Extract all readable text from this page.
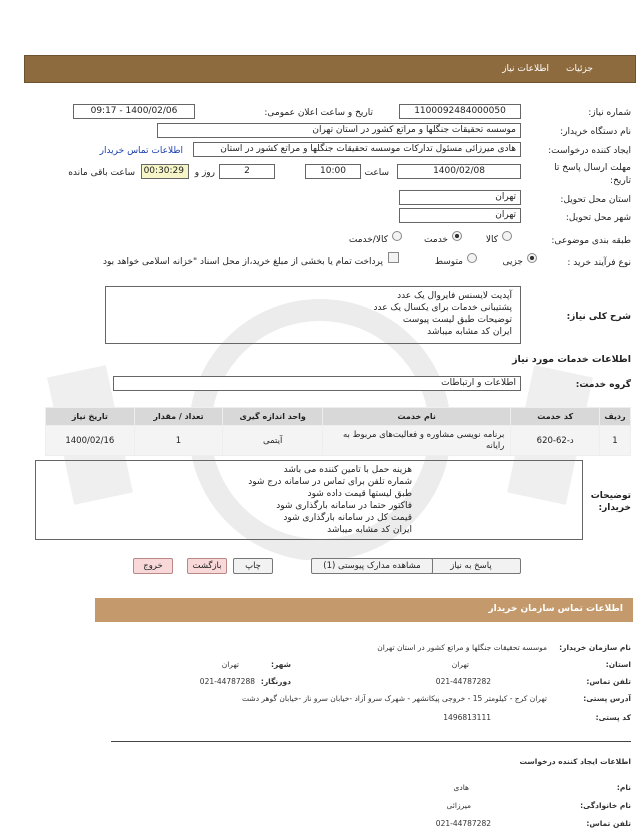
جزئیات
اطلاعات نیاز
شماره نیاز:
1100092484000050
تاریخ و ساعت اعلان عمومی:
1400/02/06 - 09:17
نام دستگاه خریدار:
موسسه تحقیقات جنگلها و مراتع کشور در استان تهران
ایجاد کننده درخواست:
هادی میرزائی مسئول تداركات موسسه تحقیقات جنگلها و مراتع كشور در استان
اطلاعات تماس خریدار
مهلت ارسال پاسخ تا تاریخ:
1400/02/08
ساعت
10:00
2
روز و
00:30:29
ساعت باقی مانده
استان محل تحویل:
تهران
شهر محل تحویل:
تهران
طبقه بندی موضوعی:
کالا
خدمت
کالا/خدمت
نوع فرآیند خرید :
جزیی
متوسط
پرداخت تمام یا بخشی از مبلغ خرید،از محل اسناد "خزانه اسلامی خواهد بود
شرح کلی نیاز:
آپدیت لایسنس فایروال یک عدد
پشتیبانی خدمات برای یکسال یک عدد
توضیحات طبق لیست پیوست
ایران کد مشابه میباشد
اطلاعات خدمات مورد نیاز
گروه خدمت:
اطلاعات و ارتباطات
ردیف	کد خدمت	نام خدمت	واحد اندازه گیری	تعداد / مقدار	تاریخ نیاز
1	د-62-620	برنامه نویسی مشاوره و فعالیت‌های مربوط به رایانه	آیتمی	1	1400/02/16
توضیحات خریدار:
هزینه حمل با تامین کننده می باشد
شماره تلفن برای تماس در سامانه درج شود
طبق لیستها قیمت داده شود
فاکتور حتما در سامانه بارگذاری شود
قیمت کل در سامانه بارگذاری شود
ایران کد مشابه میباشد
پاسخ به نیاز
مشاهده مدارک پیوستی (1)
چاپ
بازگشت
خروج
اطلاعات تماس سازمان خریدار
نام سازمان خریدار:
موسسه تحقیقات جنگلها و مراتع کشور در استان تهران
استان:
تهران
شهر:
تهران
تلفن تماس:
021-44787282
دورنگار:
021-44787288
آدرس پستی:
تهران کرج - کیلومتر 15 - خروجی پیکانشهر - شهرک سرو آزاد -خیابان سرو ناز -خیابان گوهر دشت
کد پستی:
1496813111
اطلاعات ایجاد کننده درخواست
نام:
هادی
نام خانوادگی:
میرزائی
تلفن تماس:
021-44787282
